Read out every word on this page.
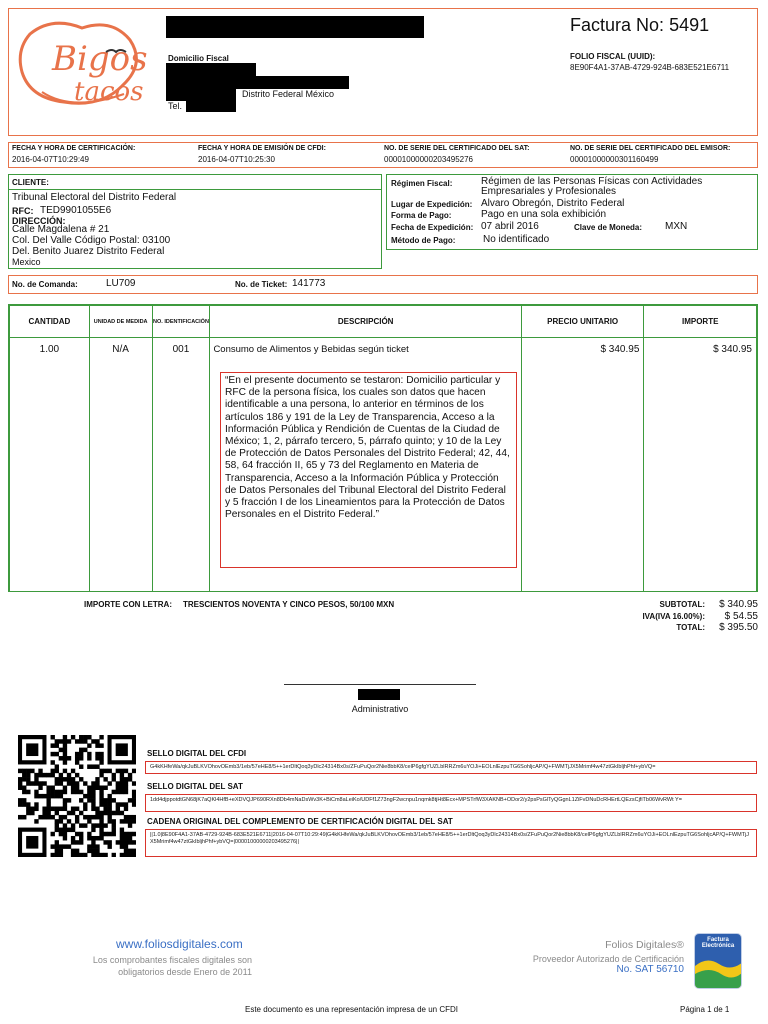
Bigos
tacos
Domicilio Fiscal
Distrito Federal México
Tel.
Factura No: 5491
FOLIO FISCAL (UUID):
8E90F4A1-37AB-4729-924B-683E521E6711
FECHA Y HORA DE CERTIFICACIÓN:
2016-04-07T10:29:49
FECHA Y HORA DE EMISIÓN DE CFDI:
2016-04-07T10:25:30
NO. DE SERIE DEL CERTIFICADO DEL SAT:
00001000000203495276
NO. DE SERIE DEL CERTIFICADO DEL EMISOR:
00001000000301160499
CLIENTE:
Tribunal Electoral del Distrito Federal
RFC: TED9901055E6
DIRECCIÓN:
Calle Magdalena # 21
Col. Del Valle Código Postal: 03100
Del. Benito Juarez Distrito Federal
Mexico
Régimen Fiscal:	Régimen de las Personas Físicas con Actividades Empresariales y Profesionales
Lugar de Expedición: Alvaro Obregón, Distrito Federal
Forma de Pago:	Pago en una sola exhibición
Fecha de Expedición: 07 abril 2016	Clave de Moneda: MXN
Método de Pago:	No identificado
No. de Comanda:	LU709	No. de Ticket: 141773
CANTIDAD	UNIDAD DE MEDIDA	NO. IDENTIFICACIÓN	DESCRIPCIÓN	PRECIO UNITARIO	IMPORTE
1.00	N/A	001	Consumo de Alimentos y Bebidas según ticket	$ 340.95	$ 340.95
“En el presente documento se testaron: Domicilio particular y RFC de la persona física, los cuales son datos que hacen identificable a una persona, lo anterior en términos de los artículos 186 y 191 de la Ley de Transparencia, Acceso a la Información Pública y Rendición de Cuentas de la Ciudad de México; 1, 2, párrafo tercero, 5, párrafo quinto; y 10 de la Ley de Protección de Datos Personales del Distrito Federal; 42, 44, 58, 64 fracción II, 65 y 73 del Reglamento en Materia de Transparencia, Acceso a la Información Pública y Protección de Datos Personales del Tribunal Electoral del Distrito Federal y 5 fracción I de los Lineamientos para la Protección de Datos Personales en el Distrito Federal.”
IMPORTE CON LETRA: TRESCIENTOS NOVENTA Y CINCO PESOS, 50/100 MXN	SUBTOTAL:	$ 340.95
IVA(IVA 16.00%):	$ 54.55
TOTAL:	$ 395.50
Administrativo
SELLO DIGITAL DEL CFDI
G4kKHfeWa/qkJuBLKVOhovOEmb3/1eb/57eHE8/5++1erDltQoq3yDlc24314Bx0s/ZFuPuQor2Nie8bbK8/celP6gfgYUZLblRRZm6uYOJi+EOLnlEzpuTG6SohljcAP/Q+FWMTjJX5Mrimf4w47ztGkIbljhPhf+ybVQ=
SELLO DIGITAL DEL SAT
1dd4djppotdtGN68jK7aQKl4HfB+eXDVQJP690RXn8Db4mNaDsWv3K+BiCm8aLeiKo/UDFf1Z73ngF2wcnpu1nqmk8tjHt8Ecx+MPSTrfW3XAKNB+ODor2/y2psPsGlTyQGgnL1ZiFvDNuDcRHErtLQEzsCjfiTb06WvRWt Y=
CADENA ORIGINAL DEL COMPLEMENTO DE CERTIFICACIÓN DIGITAL DEL SAT
||1.0|8E90F4A1-37AB-4729-924B-683E521E6711|2016-04-07T10:29:49|G4kKHfeWa/qkJuBLKVOhovOEmb3/1eb/57eHE8/5++1erDltQoq3yDlc24314Bx0s/ZFuPuQor2Nie8bbK8/celP6gfgYUZLblRRZm6uYOJi+EOLnlEzpuTG6SohljcAP/Q+FWMTjJX5Mrimf4w47ztGkIbljhPhf+ybVQ=|00001000000203495276||
www.foliosdigitales.com
Los comprobantes fiscales digitales son
obligatorios desde Enero de 2011
Folios Digitales®
Proveedor Autorizado de Certificación
No. SAT 56710
Factura Electrónica
Este documento es una representación impresa de un CFDI	Página 1 de 1
